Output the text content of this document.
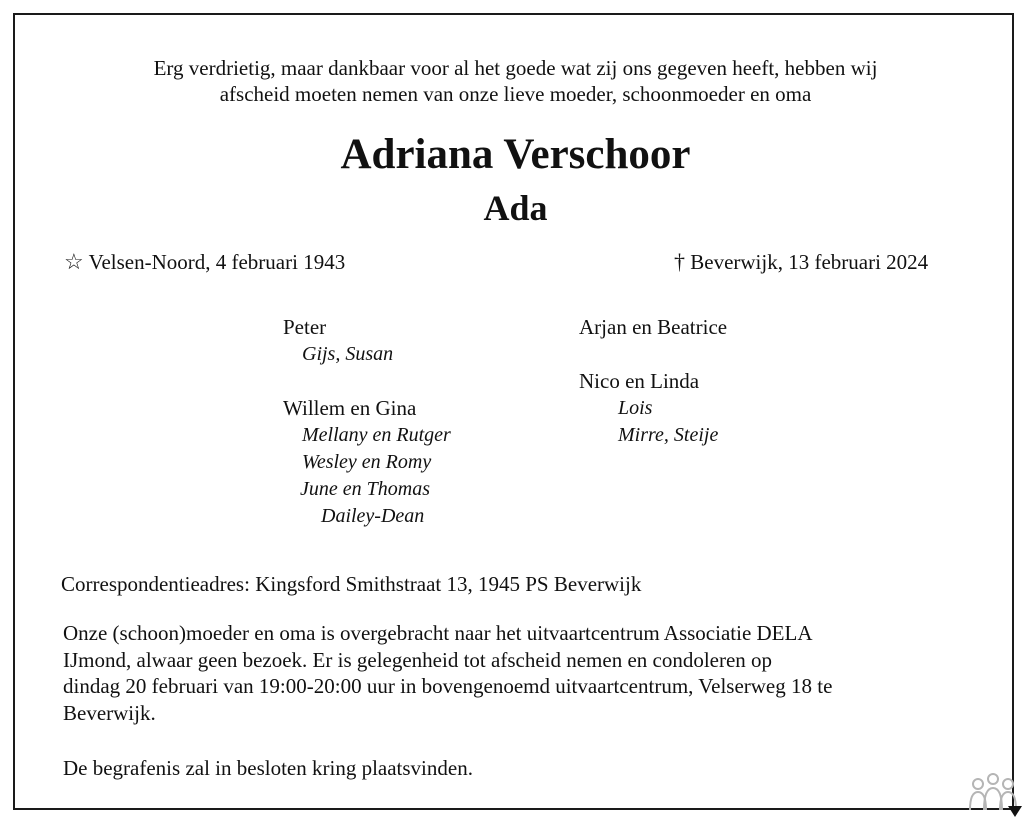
Erg verdrietig, maar dankbaar voor al het goede wat zij ons gegeven heeft, hebben wij
afscheid moeten nemen van onze lieve moeder, schoonmoeder en oma
Adriana Verschoor
Ada
☆ Velsen-Noord, 4 februari 1943	† Beverwijk, 13 februari 2024
Peter
Gijs, Susan
Willem en Gina
Mellany en Rutger
Wesley en Romy
June en Thomas
Dailey-Dean
Arjan en Beatrice
Nico en Linda
Lois
Mirre, Steije
Correspondentieadres: Kingsford Smithstraat 13, 1945 PS Beverwijk
Onze (schoon)moeder en oma is overgebracht naar het uitvaartcentrum Associatie DELA
IJmond, alwaar geen bezoek. Er is gelegenheid tot afscheid nemen en condoleren op
dindag 20 februari van 19:00-20:00 uur in bovengenoemd uitvaartcentrum, Velserweg 18 te
Beverwijk.
De begrafenis zal in besloten kring plaatsvinden.
